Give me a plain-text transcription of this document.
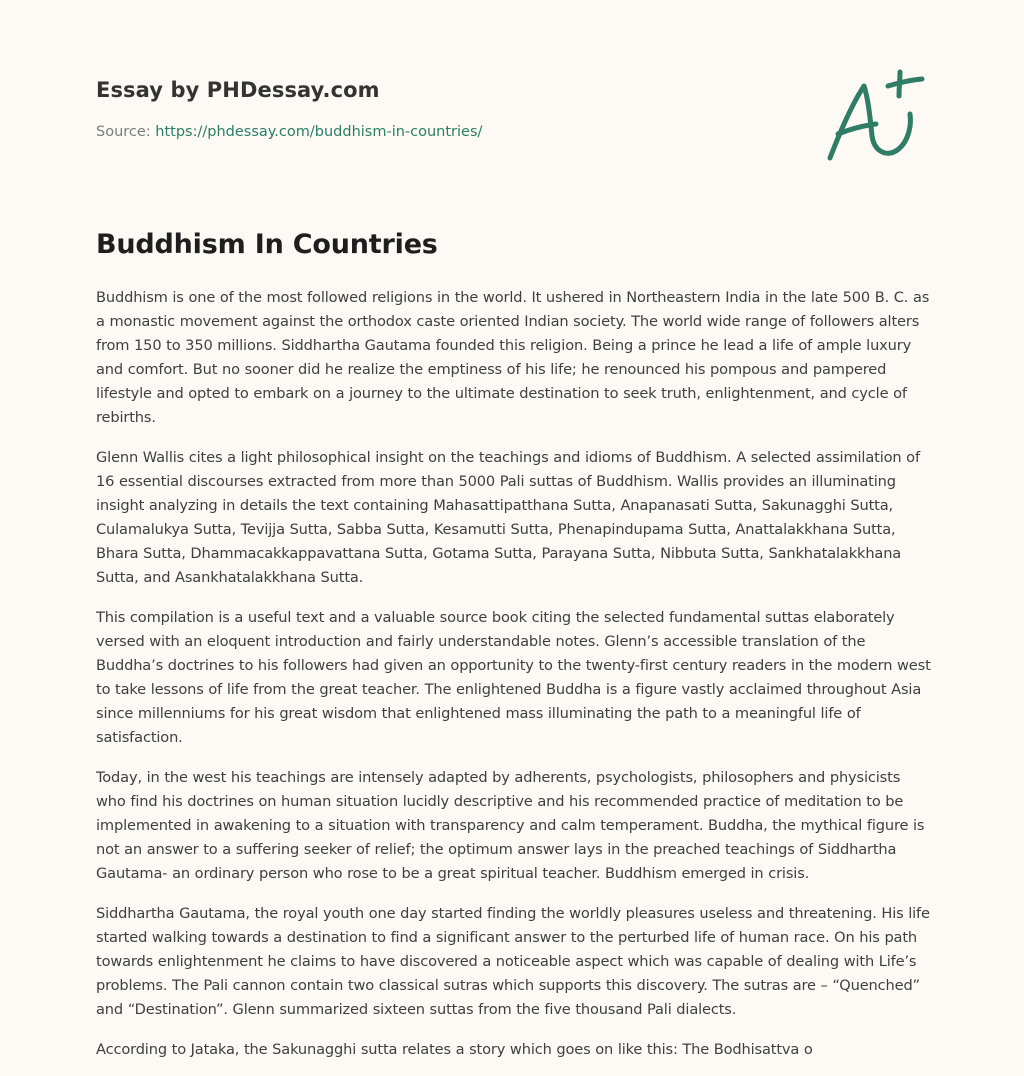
Essay by PHDessay.com
Source: https://phdessay.com/buddhism-in-countries/
Buddhism In Countries

Buddhism is one of the most followed religions in the world. It ushered in Northeastern India in the late 500 B. C. as a monastic movement against the orthodox caste oriented Indian society. The world wide range of followers alters from 150 to 350 millions. Siddhartha Gautama founded this religion. Being a prince he lead a life of ample luxury and comfort. But no sooner did he realize the emptiness of his life; he renounced his pompous and pampered lifestyle and opted to embark on a journey to the ultimate destination to seek truth, enlightenment, and cycle of rebirths.

Glenn Wallis cites a light philosophical insight on the teachings and idioms of Buddhism. A selected assimilation of 16 essential discourses extracted from more than 5000 Pali suttas of Buddhism. Wallis provides an illuminating insight analyzing in details the text containing Mahasattipatthana Sutta, Anapanasati Sutta, Sakunagghi Sutta, Culamalukya Sutta, Tevijja Sutta, Sabba Sutta, Kesamutti Sutta, Phenapindupama Sutta, Anattalakkhana Sutta, Bhara Sutta, Dhammacakkappavattana Sutta, Gotama Sutta, Parayana Sutta, Nibbuta Sutta, Sankhatalakkhana Sutta, and Asankhatalakkhana Sutta.

This compilation is a useful text and a valuable source book citing the selected fundamental suttas elaborately versed with an eloquent introduction and fairly understandable notes. Glenn’s accessible translation of the Buddha’s doctrines to his followers had given an opportunity to the twenty-first century readers in the modern west to take lessons of life from the great teacher. The enlightened Buddha is a figure vastly acclaimed throughout Asia since millenniums for his great wisdom that enlightened mass illuminating the path to a meaningful life of satisfaction.

Today, in the west his teachings are intensely adapted by adherents, psychologists, philosophers and physicists who find his doctrines on human situation lucidly descriptive and his recommended practice of meditation to be implemented in awakening to a situation with transparency and calm temperament. Buddha, the mythical figure is not an answer to a suffering seeker of relief; the optimum answer lays in the preached teachings of Siddhartha Gautama- an ordinary person who rose to be a great spiritual teacher. Buddhism emerged in crisis.

Siddhartha Gautama, the royal youth one day started finding the worldly pleasures useless and threatening. His life started walking towards a destination to find a significant answer to the perturbed life of human race. On his path towards enlightenment he claims to have discovered a noticeable aspect which was capable of dealing with Life’s problems. The Pali cannon contain two classical sutras which supports this discovery. The sutras are – “Quenched” and “Destination”. Glenn summarized sixteen suttas from the five thousand Pali dialects.

According to Jataka, the Sakunagghi sutta relates a story which goes on like this: The Bodhisattva o
